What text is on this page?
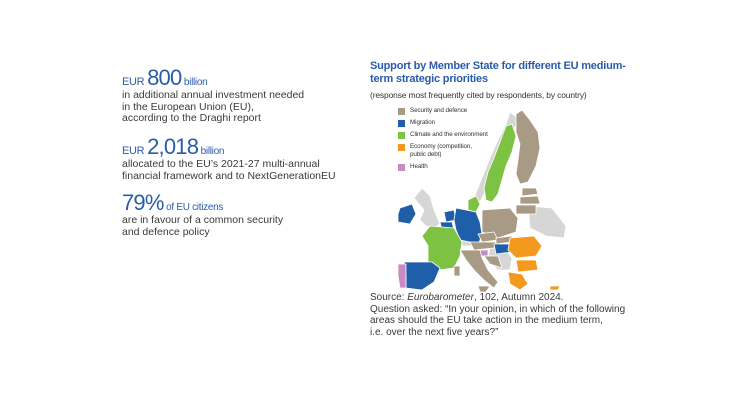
EUR 800 billion
in additional annual investment needed
in the European Union (EU),
according to the Draghi report
EUR 2,018 billion
allocated to the EU’s 2021-27 multi-annual
financial framework and to NextGenerationEU
79% of EU citizens
are in favour of a common security
and defence policy
Support by Member State for different EU medium-term strategic priorities
(response most frequently cited by respondents, by country)
Security and defence
Migration
Climate and the environment
Economy (competition, public debt)
Health
Source: Eurobarometer, 102, Autumn 2024.
Question asked: “In your opinion, in which of the following
areas should the EU take action in the medium term,
i.e. over the next five years?”
